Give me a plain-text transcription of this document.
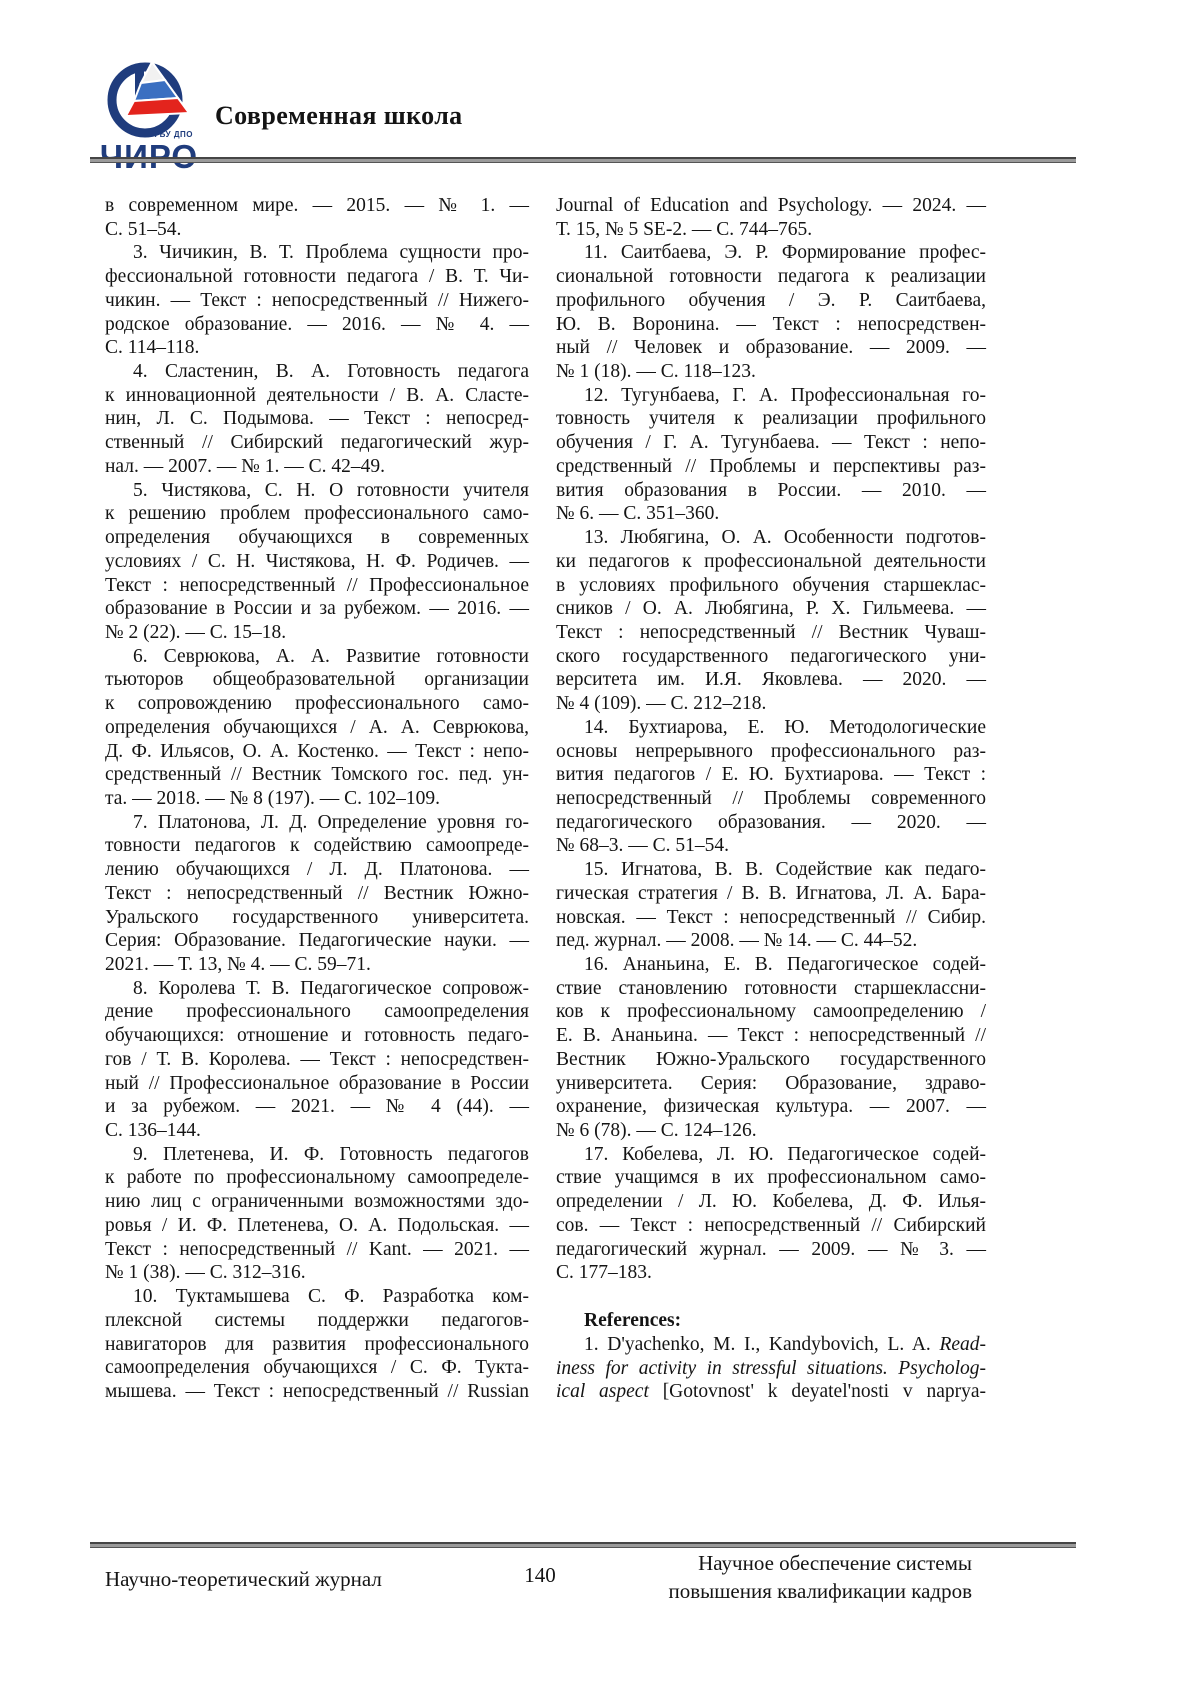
ГБУ ДПО
Современная школа
в современном мире. — 2015. — № 1. —
С. 51–54.
3. Чичикин, В. Т. Проблема сущности про-
фессиональной готовности педагога / В. Т. Чи-
чикин. — Текст : непосредственный // Нижего-
родское образование. — 2016. — № 4. —
С. 114–118.
4. Сластенин, В. А. Готовность педагога
к инновационной деятельности / В. А. Сласте-
нин, Л. С. Подымова. — Текст : непосред-
ственный // Сибирский педагогический жур-
нал. — 2007. — № 1. — С. 42–49.
5. Чистякова, С. Н. О готовности учителя
к решению проблем профессионального само-
определения обучающихся в современных
условиях / С. Н. Чистякова, Н. Ф. Родичев. —
Текст : непосредственный // Профессиональное
образование в России и за рубежом. — 2016. —
№ 2 (22). — С. 15–18.
6. Севрюкова, А. А. Развитие готовности
тьюторов общеобразовательной организации
к сопровождению профессионального само-
определения обучающихся / А. А. Севрюкова,
Д. Ф. Ильясов, О. А. Костенко. — Текст : непо-
средственный // Вестник Томского гос. пед. ун-
та. — 2018. — № 8 (197). — С. 102–109.
7. Платонова, Л. Д. Определение уровня го-
товности педагогов к содействию самоопреде-
лению обучающихся / Л. Д. Платонова. —
Текст : непосредственный // Вестник Южно-
Уральского государственного университета.
Серия: Образование. Педагогические науки. —
2021. — Т. 13, № 4. — С. 59–71.
8. Королева Т. В. Педагогическое сопровож-
дение профессионального самоопределения
обучающихся: отношение и готовность педаго-
гов / Т. В. Королева. — Текст : непосредствен-
ный // Профессиональное образование в России
и за рубежом. — 2021. — № 4 (44). —
С. 136–144.
9. Плетенева, И. Ф. Готовность педагогов
к работе по профессиональному самоопределе-
нию лиц с ограниченными возможностями здо-
ровья / И. Ф. Плетенева, О. А. Подольская. —
Текст : непосредственный // Kant. — 2021. —
№ 1 (38). — С. 312–316.
10. Туктамышева С. Ф. Разработка ком-
плексной системы поддержки педагогов-
навигаторов для развития профессионального
самоопределения обучающихся / С. Ф. Тукта-
мышева. — Текст : непосредственный // Russian
Journal of Education and Psychology. — 2024. —
Т. 15, № 5 SE-2. — С. 744–765.
11. Саитбаева, Э. Р. Формирование профес-
сиональной готовности педагога к реализации
профильного обучения / Э. Р. Саитбаева,
Ю. В. Воронина. — Текст : непосредствен-
ный // Человек и образование. — 2009. —
№ 1 (18). — С. 118–123.
12. Тугунбаева, Г. А. Профессиональная го-
товность учителя к реализации профильного
обучения / Г. А. Тугунбаева. — Текст : непо-
средственный // Проблемы и перспективы раз-
вития образования в России. — 2010. —
№ 6. — С. 351–360.
13. Любягина, О. А. Особенности подготов-
ки педагогов к профессиональной деятельности
в условиях профильного обучения старшеклас-
сников / О. А. Любягина, Р. Х. Гильмеева. —
Текст : непосредственный // Вестник Чуваш-
ского государственного педагогического уни-
верситета им. И.Я. Яковлева. — 2020. —
№ 4 (109). — С. 212–218.
14. Бухтиарова, Е. Ю. Методологические
основы непрерывного профессионального раз-
вития педагогов / Е. Ю. Бухтиарова. — Текст :
непосредственный // Проблемы современного
педагогического образования. — 2020. —
№ 68–3. — С. 51–54.
15. Игнатова, В. В. Содействие как педаго-
гическая стратегия / В. В. Игнатова, Л. А. Бара-
новская. — Текст : непосредственный // Сибир.
пед. журнал. — 2008. — № 14. — С. 44–52.
16. Ананьина, Е. В. Педагогическое содей-
ствие становлению готовности старшеклассни-
ков к профессиональному самоопределению /
Е. В. Ананьина. — Текст : непосредственный //
Вестник Южно-Уральского государственного
университета. Серия: Образование, здраво-
охранение, физическая культура. — 2007. —
№ 6 (78). — С. 124–126.
17. Кобелева, Л. Ю. Педагогическое содей-
ствие учащимся в их профессиональном само-
определении / Л. Ю. Кобелева, Д. Ф. Илья-
сов. — Текст : непосредственный // Сибирский
педагогический журнал. — 2009. — № 3. —
С. 177–183.
References:
1. D'yachenko, M. I., Kandybovich, L. A. Read-
iness for activity in stressful situations. Psycholog-
ical aspect [Gotovnost' k deyatel'nosti v naprya-
Научно-теоретический журнал	140	Научное обеспечение системы
повышения квалификации кадров
